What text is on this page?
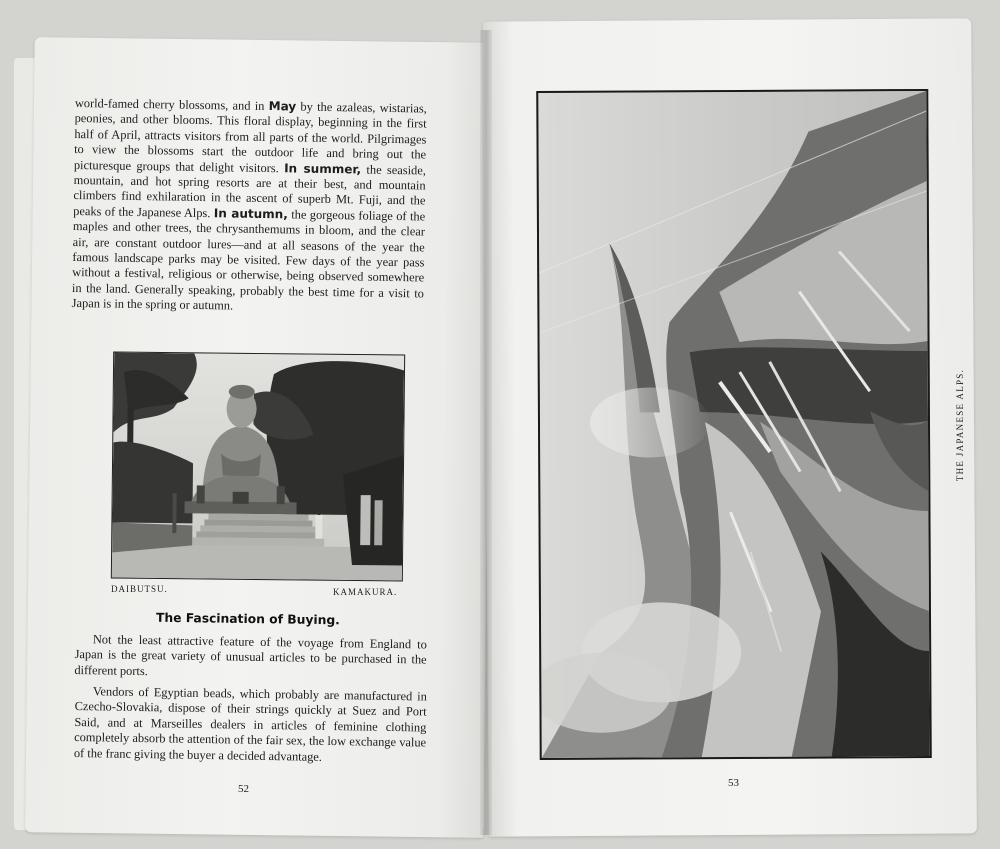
world-famed cherry blossoms, and in May by the azaleas, wistarias, peonies, and other blooms. This floral display, beginning in the first half of April, attracts visitors from all parts of the world. Pilgrimages to view the blossoms start the outdoor life and bring out the picturesque groups that delight visitors. In summer, the seaside, mountain, and hot spring resorts are at their best, and mountain climbers find exhilaration in the ascent of superb Mt. Fuji, and the peaks of the Japanese Alps. In autumn, the gorgeous foliage of the maples and other trees, the chrysanthemums in bloom, and the clear air, are constant outdoor lures—and at all seasons of the year the famous landscape parks may be visited. Few days of the year pass without a festival, religious or otherwise, being observed somewhere in the land. Generally speaking, probably the best time for a visit to Japan is in the spring or autumn.
DAIBUTSU.	KAMAKURA.
The Fascination of Buying.
Not the least attractive feature of the voyage from England to Japan is the great variety of unusual articles to be purchased in the different ports.
Vendors of Egyptian beads, which probably are manufactured in Czecho-Slovakia, dispose of their strings quickly at Suez and Port Said, and at Marseilles dealers in articles of feminine clothing completely absorb the attention of the fair sex, the low exchange value of the franc giving the buyer a decided advantage.
52
THE JAPANESE ALPS.
53
